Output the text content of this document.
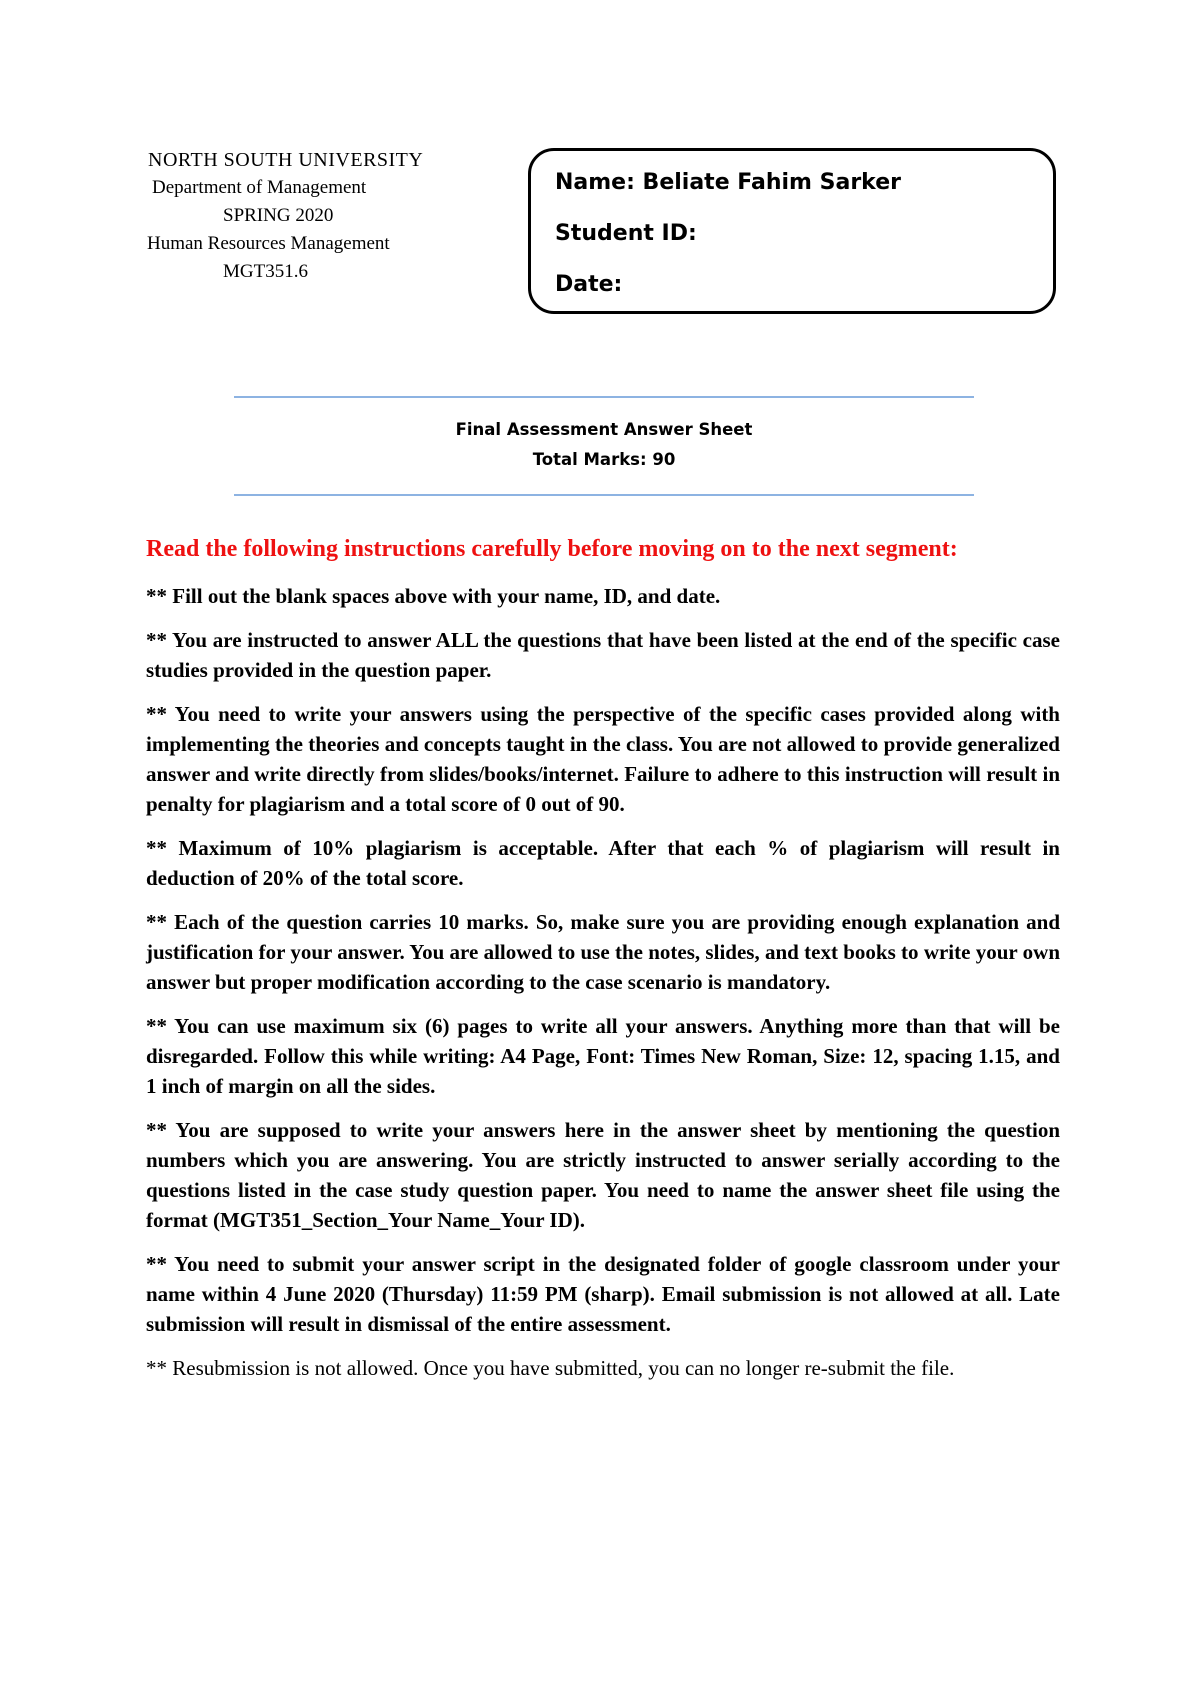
NORTH SOUTH UNIVERSITY
Department of Management
SPRING 2020
Human Resources Management
MGT351.6
Name: Beliate Fahim Sarker
Student ID:
Date:
Final Assessment Answer Sheet
Total Marks: 90

Read the following instructions carefully before moving on to the next segment:

** Fill out the blank spaces above with your name, ID, and date.

** You are instructed to answer ALL the questions that have been listed at the end of the specific case studies provided in the question paper.

** You need to write your answers using the perspective of the specific cases provided along with implementing the theories and concepts taught in the class. You are not allowed to provide generalized answer and write directly from slides/books/internet. Failure to adhere to this instruction will result in penalty for plagiarism and a total score of 0 out of 90.

** Maximum of 10% plagiarism is acceptable. After that each % of plagiarism will result in deduction of 20% of the total score.

** Each of the question carries 10 marks. So, make sure you are providing enough explanation and justification for your answer. You are allowed to use the notes, slides, and text books to write your own answer but proper modification according to the case scenario is mandatory.

** You can use maximum six (6) pages to write all your answers. Anything more than that will be disregarded. Follow this while writing: A4 Page, Font: Times New Roman, Size: 12, spacing 1.15, and 1 inch of margin on all the sides.

** You are supposed to write your answers here in the answer sheet by mentioning the question numbers which you are answering. You are strictly instructed to answer serially according to the questions listed in the case study question paper. You need to name the answer sheet file using the format (MGT351_Section_Your Name_Your ID).

** You need to submit your answer script in the designated folder of google classroom under your name within 4 June 2020 (Thursday) 11:59 PM (sharp). Email submission is not allowed at all. Late submission will result in dismissal of the entire assessment.

** Resubmission is not allowed. Once you have submitted, you can no longer re-submit the file.
